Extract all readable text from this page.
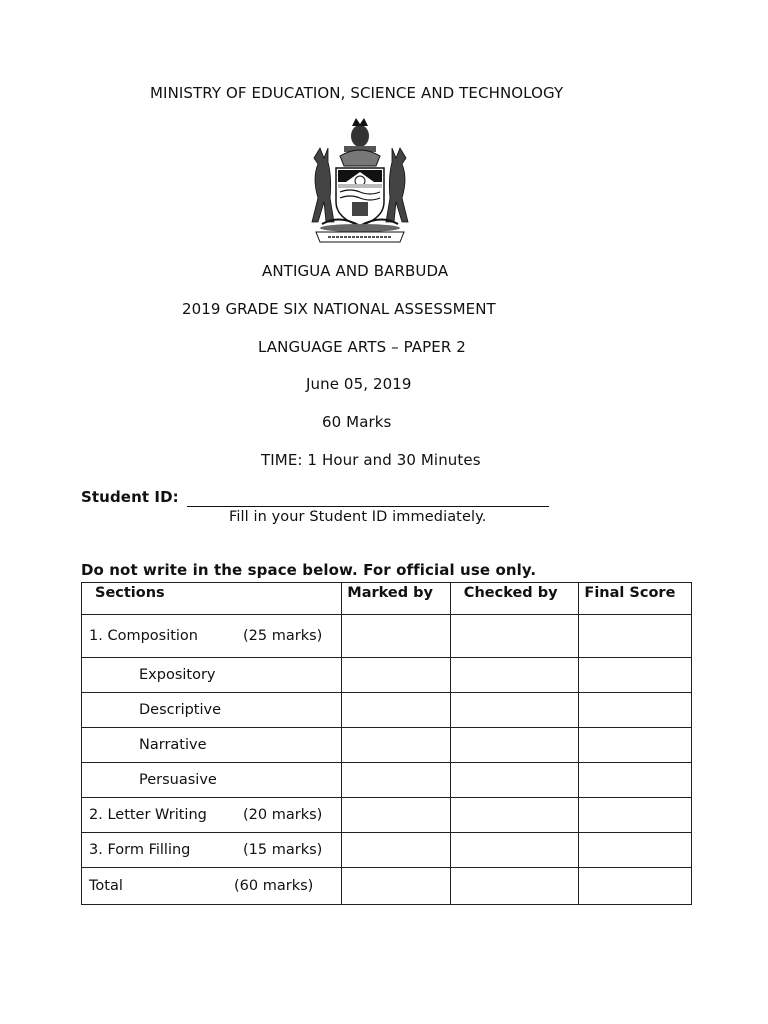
MINISTRY OF EDUCATION, SCIENCE AND TECHNOLOGY
ANTIGUA AND BARBUDA
2019 GRADE SIX NATIONAL ASSESSMENT
LANGUAGE ARTS – PAPER 2
June 05, 2019
60 Marks
TIME: 1 Hour and 30 Minutes
Student ID:
Fill in your Student ID immediately.
Do not write in the space below. For official use only.
Sections	Marked by	Checked by	Final Score
1. Composition (25 marks)			

Expository			
Descriptive			
Narrative			
Persuasive			
2. Letter Writing (20 marks)			

3. Form Filling (15 marks)			

Total (60 marks)			
